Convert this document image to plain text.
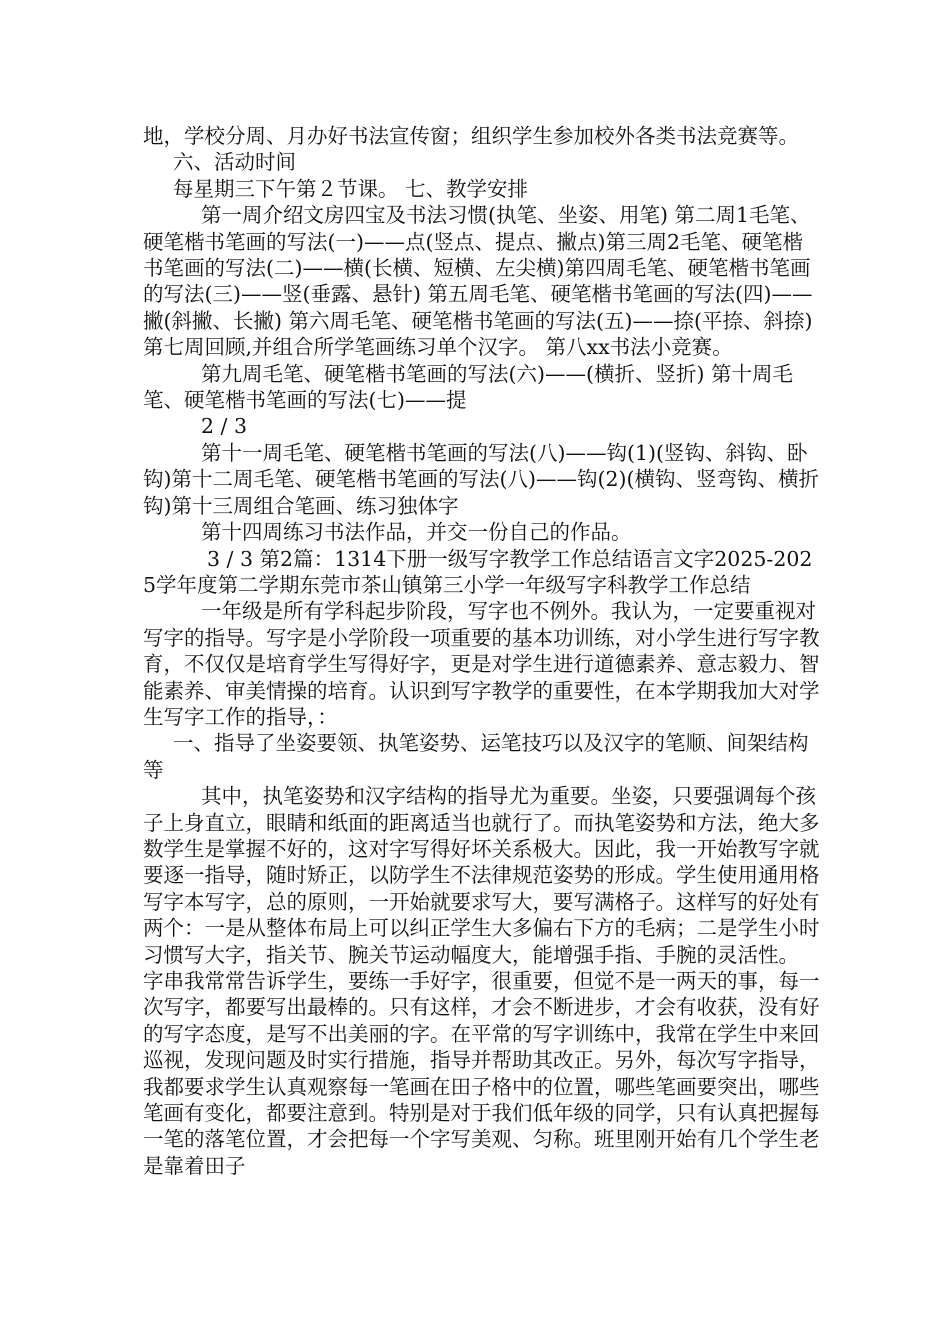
地，学校分周、月办好书法宣传窗；组织学生参加校外各类书法竞赛等。

六、活动时间

每星期三下午第２节课。 七、教学安排

第一周介绍文房四宝及书法习惯(执笔、坐姿、用笔) 第二周1毛笔、硬笔楷书笔画的写法(一)——点(竖点、提点、撇点)第三周2毛笔、硬笔楷书笔画的写法(二)——横(长横、短横、左尖横)第四周毛笔、硬笔楷书笔画的写法(三)——竖(垂露、悬针) 第五周毛笔、硬笔楷书笔画的写法(四)——撇(斜撇、长撇) 第六周毛笔、硬笔楷书笔画的写法(五)——捺(平捺、斜捺) 第七周回顾,并组合所学笔画练习单个汉字。 第八xx书法小竞赛。

第九周毛笔、硬笔楷书笔画的写法(六)——(横折、竖折) 第十周毛笔、硬笔楷书笔画的写法(七)——提

2 / 3

第十一周毛笔、硬笔楷书笔画的写法(八)——钩(1)(竖钩、斜钩、卧钩)第十二周毛笔、硬笔楷书笔画的写法(八)——钩(2)(横钩、竖弯钩、横折钩)第十三周组合笔画、练习独体字

第十四周练习书法作品，并交一份自己的作品。

3 / 3 第2篇：1314下册一级写字教学工作总结语言文字2025-2025学年度第二学期东莞市茶山镇第三小学一年级写字科教学工作总结

一年级是所有学科起步阶段，写字也不例外。我认为，一定要重视对写字的指导。写字是小学阶段一项重要的基本功训练，对小学生进行写字教育，不仅仅是培育学生写得好字，更是对学生进行道德素养、意志毅力、智能素养、审美情操的培育。认识到写字教学的重要性，在本学期我加大对学生写字工作的指导，：

一、指导了坐姿要领、执笔姿势、运笔技巧以及汉字的笔顺、间架结构等

其中，执笔姿势和汉字结构的指导尤为重要。坐姿，只要强调每个孩子上身直立，眼睛和纸面的距离适当也就行了。而执笔姿势和方法，绝大多数学生是掌握不好的，这对字写得好坏关系极大。因此，我一开始教写字就要逐一指导，随时矫正，以防学生不法律规范姿势的形成。学生使用通用格写字本写字，总的原则，一开始就要求写大，要写满格子。这样写的好处有两个：一是从整体布局上可以纠正学生大多偏右下方的毛病；二是学生小时习惯写大字，指关节、腕关节运动幅度大，能增强手指、手腕的灵活性。 字串我常常告诉学生，要练一手好字，很重要，但觉不是一两天的事，每一次写字，都要写出最棒的。只有这样，才会不断进步，才会有收获，没有好的写字态度，是写不出美丽的字。在平常的写字训练中，我常在学生中来回巡视，发现问题及时实行措施，指导并帮助其改正。另外，每次写字指导，我都要求学生认真观察每一笔画在田子格中的位置，哪些笔画要突出，哪些笔画有变化，都要注意到。特别是对于我们低年级的同学，只有认真把握每一笔的落笔位置，才会把每一个字写美观、匀称。班里刚开始有几个学生老是靠着田子
